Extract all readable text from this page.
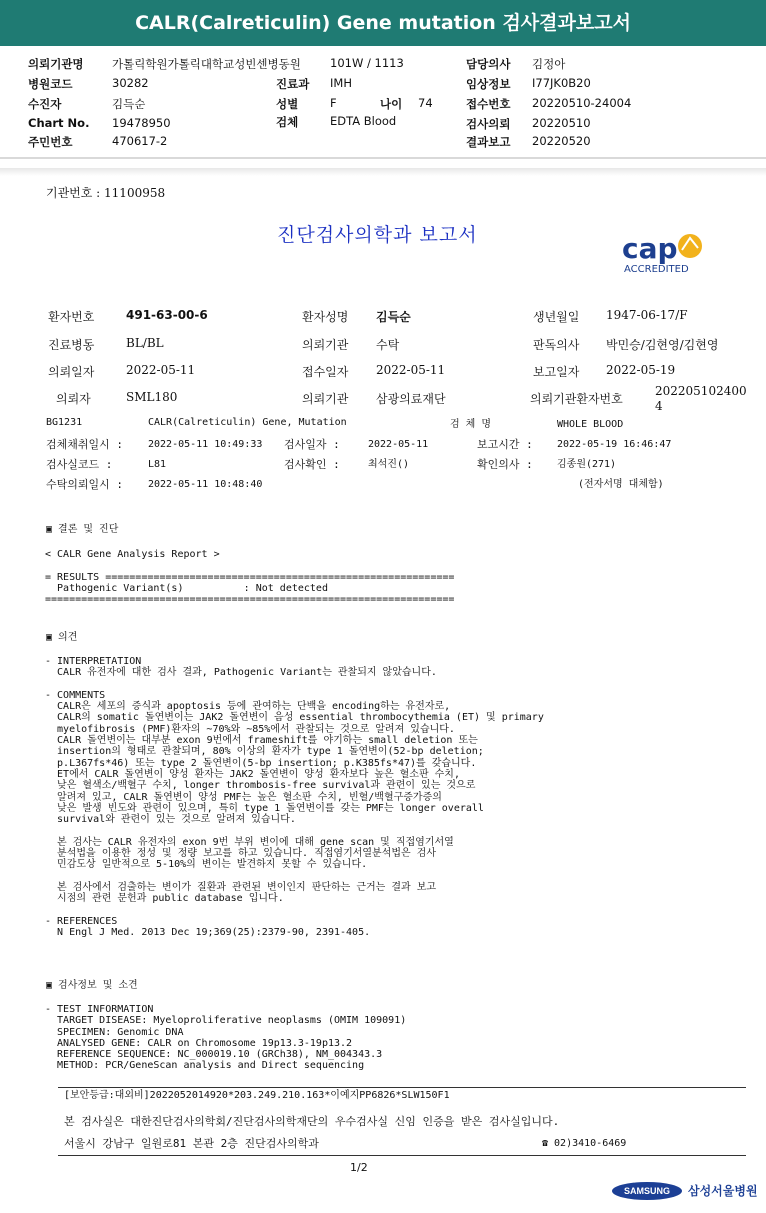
CALR(Calreticulin) Gene mutation 검사결과보고서
의뢰기관명 가톨릭학원가톨릭대학교성빈센병동원	101W / 1113	담당의사 김정아
병원코드	30282	진료과 IMH	임상정보 I77JK0B20
수진자	김득순	성별	F	나이 74	접수번호 20220510-24004
Chart No. 19478950	검체	EDTA Blood	검사의뢰 20220510
주민번호	470617-2	결과보고 20220520
기관번호 : 11100958
진단검사의학과 보고서	cap
ACCREDITED
환자번호	491-63-00-6	환자성명 김득순	생년월일 1947-06-17/F
진료병동	BL/BL	의뢰기관 수탁	판독의사 박민승/김현영/김현영
의뢰일자	2022-05-11	접수일자 2022-05-11	보고일자 2022-05-19
의뢰자	SML180	의뢰기관 삼광의료재단	의뢰기관환자번호
202205102400
4
BG1231	CALR(Calreticulin) Gene, Mutation	검 체 명	WHOLE BLOOD
검체채취일시 : 2022-05-11 10:49:33 검사일자 :	2022-05-11	보고시간 : 2022-05-19 16:46:47
검사실코드 :	L81	검사확인 :	최석진()	확인의사 : 김종원(271)
수탁의뢰일시 : 2022-05-11 10:48:40	(전자서명 대체함)
▣ 결론 및 진단
< CALR Gene Analysis Report >

= RESULTS ==========================================================
Pathogenic Variant(s)          : Not detected
====================================================================
▣ 의견
- INTERPRETATION
CALR 유전자에 대한 검사 결과, Pathogenic Variant는 관찰되지 않았습니다.

- COMMENTS
CALR은 세포의 증식과 apoptosis 등에 관여하는 단백을 encoding하는 유전자로,
CALR의 somatic 돌연변이는 JAK2 돌연변이 음성 essential thrombocythemia (ET) 및 primary
myelofibrosis (PMF)환자의 ~70%와 ~85%에서 관찰되는 것으로 알려져 있습니다.
CALR 돌연변이는 대부분 exon 9번에서 frameshift를 야기하는 small deletion 또는
insertion의 형태로 관찰되며, 80% 이상의 환자가 type 1 돌연변이(52-bp deletion;
p.L367fs*46) 또는 type 2 돌연변이(5-bp insertion; p.K385fs*47)를 갖습니다.
ET에서 CALR 돌연변이 양성 환자는 JAK2 돌연변이 양성 환자보다 높은 혈소판 수치,
낮은 혈색소/백혈구 수치, longer thrombosis-free survival과 관련이 있는 것으로
알려져 있고, CALR 돌연변이 양성 PMF는 높은 혈소판 수치, 빈혈/백혈구증가증의
낮은 발생 빈도와 관련이 있으며, 특히 type 1 돌연변이를 갖는 PMF는 longer overall
survival와 관련이 있는 것으로 알려져 있습니다.

본 검사는 CALR 유전자의 exon 9번 부위 변이에 대해 gene scan 및 직접염기서열
분석법을 이용한 정성 및 정량 보고를 하고 있습니다. 직접염기서열분석법은 검사
민감도상 일반적으로 5-10%의 변이는 발견하지 못할 수 있습니다.

본 검사에서 검출하는 변이가 질환과 관련된 변이인지 판단하는 근거는 결과 보고
시점의 관련 문헌과 public database 입니다.

- REFERENCES
N Engl J Med. 2013 Dec 19;369(25):2379-90, 2391-405.
▣ 검사정보 및 소견
- TEST INFORMATION
TARGET DISEASE: Myeloproliferative neoplasms (OMIM 109091)
SPECIMEN: Genomic DNA
ANALYSED GENE: CALR on Chromosome 19p13.3-19p13.2
REFERENCE SEQUENCE: NC_000019.10 (GRCh38), NM_004343.3
METHOD: PCR/GeneScan analysis and Direct sequencing
[보안등급:대외비]2022052014920*203.249.210.163*이예지PP6826*SLW150F1
본 검사실은 대한진단검사의학회/진단검사의학재단의 우수검사실 신임 인증을 받은 검사실입니다.
서울시 강남구 일원로81 본관 2층 진단검사의학과	☎ 02)3410-6469
1/2
SAMSUNG	삼성서울병원
